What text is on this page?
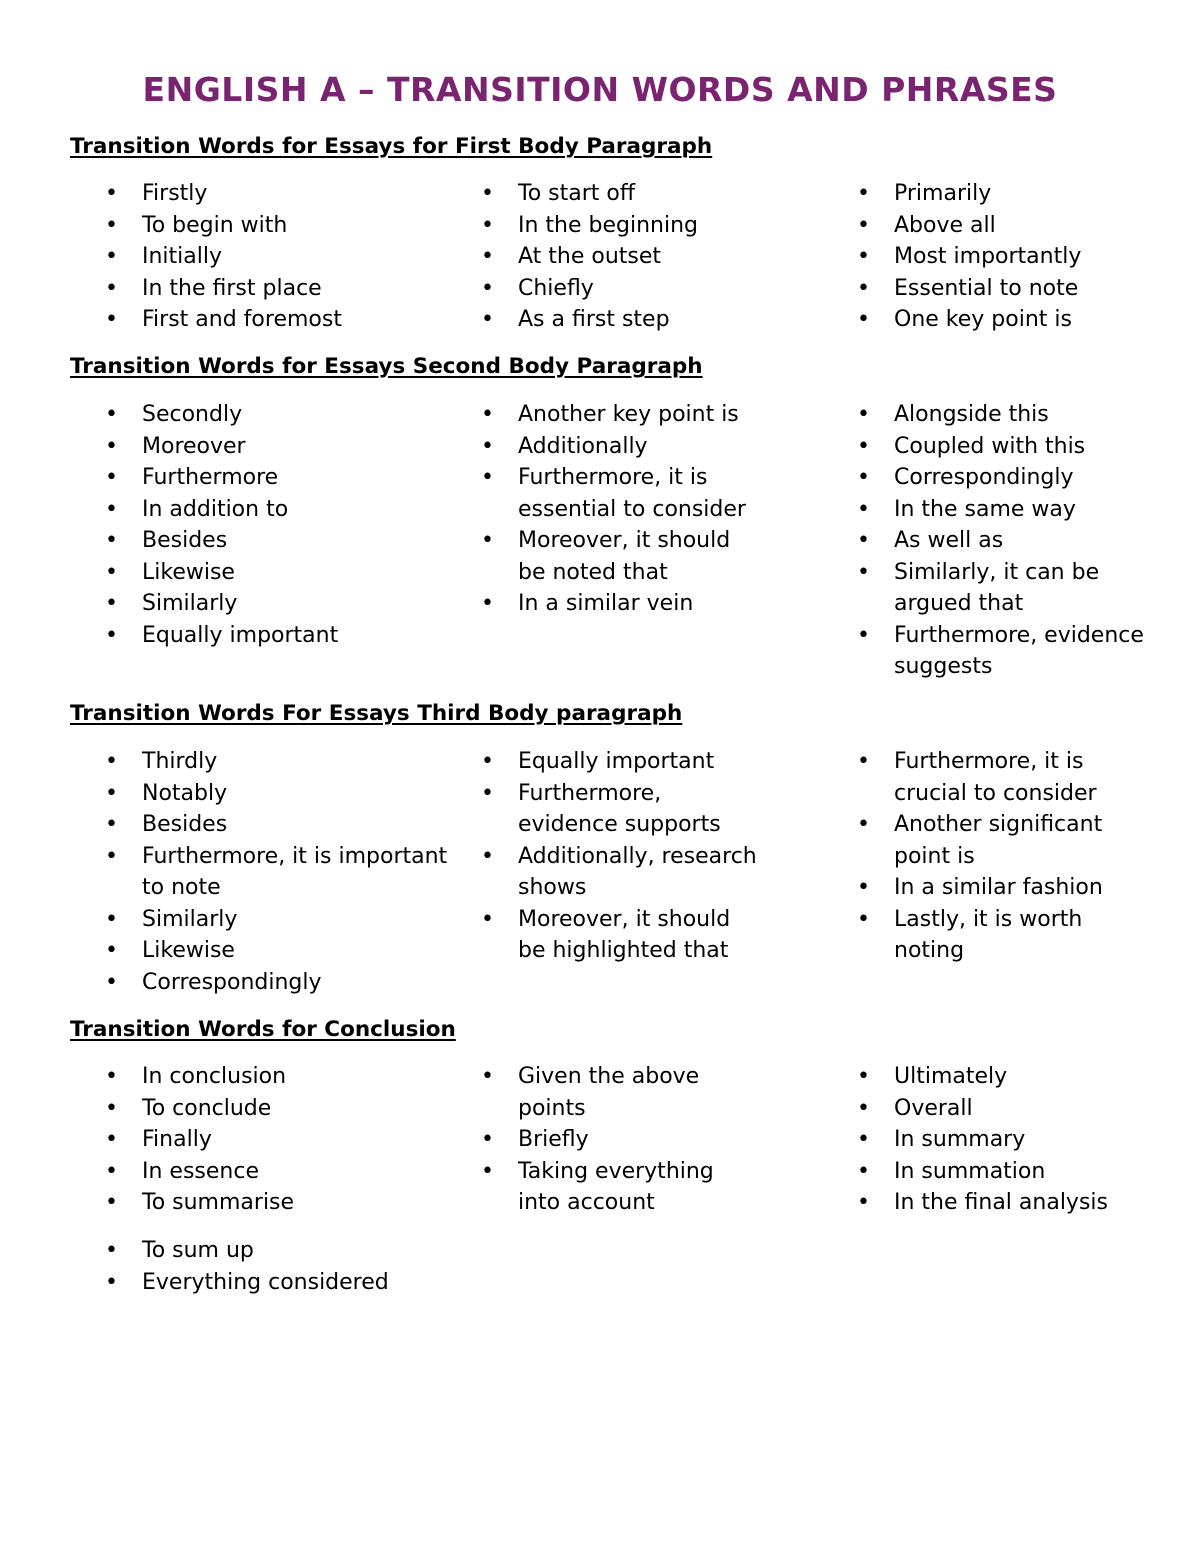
ENGLISH A – TRANSITION WORDS AND PHRASES
Transition Words for Essays for First Body Paragraph
• Firstly
• To begin with
• Initially
• In the first place
• First and foremost
• To start off
• In the beginning
• At the outset
• Chiefly
• As a first step
• Primarily
• Above all
• Most importantly
• Essential to note
• One key point is
Transition Words for Essays Second Body Paragraph
• Secondly
• Moreover
• Furthermore
• In addition to
• Besides
• Likewise
• Similarly
• Equally important
• Another key point is
• Additionally
• Furthermore, it is essential to consider
• Moreover, it should be noted that
• In a similar vein
• Alongside this
• Coupled with this
• Correspondingly
• In the same way
• As well as
• Similarly, it can be argued that
• Furthermore, evidence suggests
Transition Words For Essays Third Body paragraph
• Thirdly
• Notably
• Besides
• Furthermore, it is important to note
• Similarly
• Likewise
• Correspondingly
• Equally important
• Furthermore, evidence supports
• Additionally, research shows
• Moreover, it should be highlighted that
• Furthermore, it is crucial to consider
• Another significant point is
• In a similar fashion
• Lastly, it is worth noting
Transition Words for Conclusion
• In conclusion
• To conclude
• Finally
• In essence
• To summarise
• Given the above points
• Briefly
• Taking everything into account
• Ultimately
• Overall
• In summary
• In summation
• In the final analysis
• To sum up
• Everything considered
